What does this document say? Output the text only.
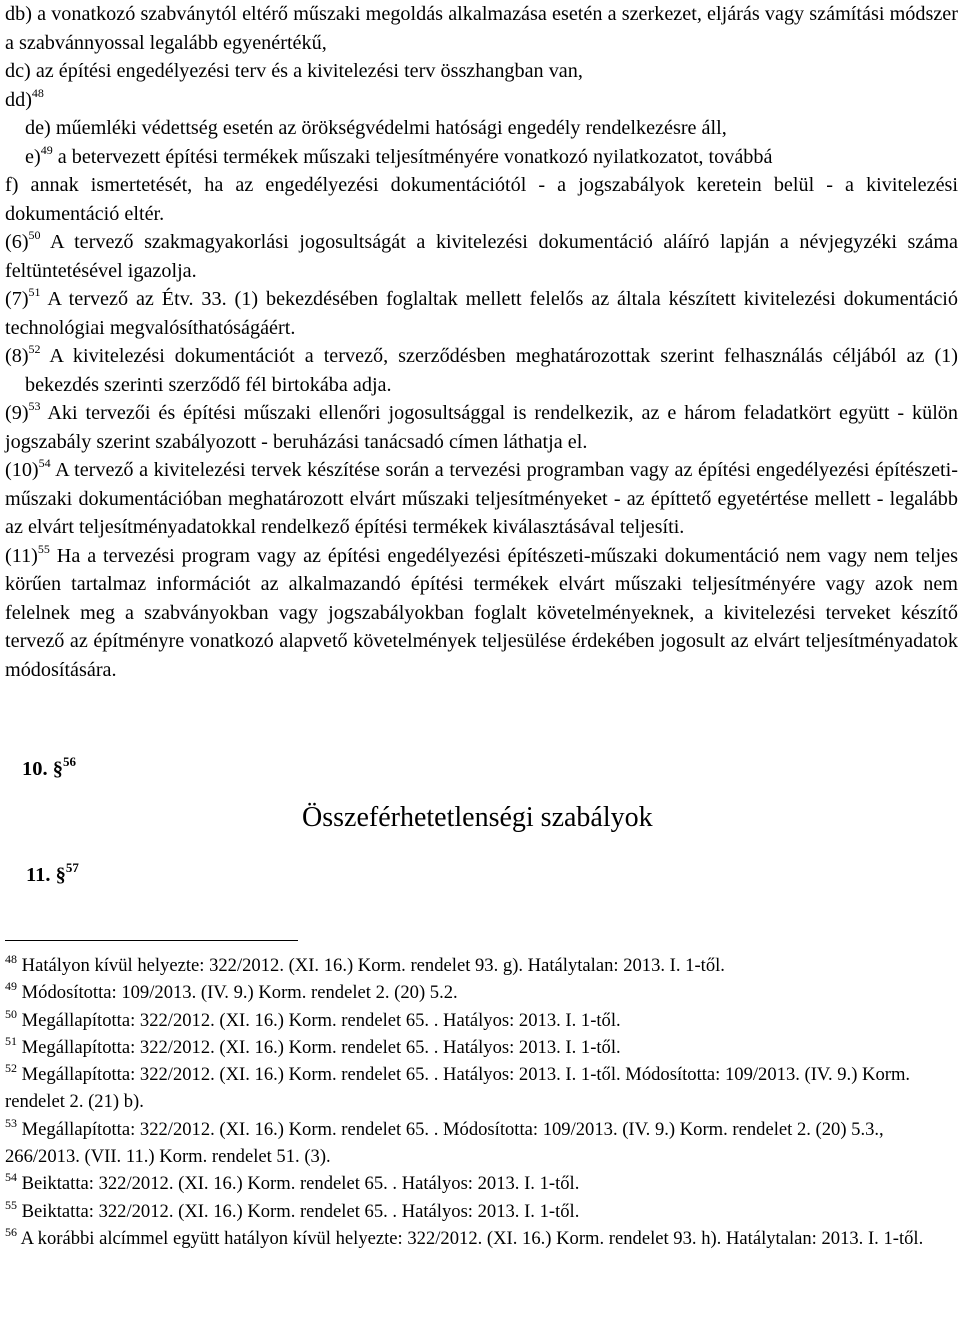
db) a vonatkozó szabványtól eltérő műszaki megoldás alkalmazása esetén a szerkezet, eljárás vagy számítási módszer a szabvánnyossal legalább egyenértékű,

dc) az építési engedélyezési terv és a kivitelezési terv összhangban van,

dd)$^{48}$

de) műemléki védettség esetén az örökségvédelmi hatósági engedély rendelkezésre áll,

e)$^{49}$ a betervezett építési termékek műszaki teljesítményére vonatkozó nyilatkozatot, továbbá

f) annak ismertetését, ha az engedélyezési dokumentációtól - a jogszabályok keretein belül - a kivitelezési dokumentáció eltér.

$(6)^{50}$ A tervező szakmagyakorlási jogosultságát a kivitelezési dokumentáció aláíró lapján a névjegyzéki száma feltüntetésével igazolja.

$(7)^{51}$ A tervező az Étv. 33. (1) bekezdésében foglaltak mellett felelős az általa készített kivitelezési dokumentáció technológiai megvalósíthatóságáért.

$(8)^{52}$ A kivitelezési dokumentációt a tervező, szerződésben meghatározottak szerint felhasználás céljából az (1) bekezdés szerinti szerződő fél birtokába adja.

$(9)^{53}$ Aki tervezői és építési műszaki ellenőri jogosultsággal is rendelkezik, az e három feladatkört együtt - külön jogszabály szerint szabályozott - beruházási tanácsadó címen láthatja el.

$(10)^{54}$ A tervező a kivitelezési tervek készítése során a tervezési programban vagy az építési engedélyezési építészeti-műszaki dokumentációban meghatározott elvárt műszaki teljesítményeket - az építtető egyetértése mellett - legalább az elvárt teljesítményadatokkal rendelkező építési termékek kiválasztásával teljesíti.

$(11)^{55}$ Ha a tervezési program vagy az építési engedélyezési építészeti-műszaki dokumentáció nem vagy nem teljes körűen tartalmaz információt az alkalmazandó építési termékek elvárt műszaki teljesítményére vagy azok nem felelnek meg a szabványokban vagy jogszabályokban foglalt követelményeknek, a kivitelezési terveket készítő tervező az építményre vonatkozó alapvető követelmények teljesülése érdekében jogosult az elvárt teljesítményadatok módosítására.

10. §$^{56}$
Összeférhetetlenségi szabályok
11. §$^{57}$

$^{48}$ Hatályon kívül helyezte: 322/2012. (XI. 16.) Korm. rendelet 93. g). Hatálytalan: 2013. I. 1-től.

$^{49}$ Módosította: 109/2013. (IV. 9.) Korm. rendelet 2. (20) 5.2.

$^{50}$ Megállapította: 322/2012. (XI. 16.) Korm. rendelet 65. . Hatályos: 2013. I. 1-től.

$^{51}$ Megállapította: 322/2012. (XI. 16.) Korm. rendelet 65. . Hatályos: 2013. I. 1-től.

$^{52}$ Megállapította: 322/2012. (XI. 16.) Korm. rendelet 65. . Hatályos: 2013. I. 1-től. Módosította: 109/2013. (IV. 9.) Korm. rendelet 2. (21) b).

$^{53}$ Megállapította: 322/2012. (XI. 16.) Korm. rendelet 65. . Módosította: 109/2013. (IV. 9.) Korm. rendelet 2. (20) 5.3., 266/2013. (VII. 11.) Korm. rendelet 51. (3).

$^{54}$ Beiktatta: 322/2012. (XI. 16.) Korm. rendelet 65. . Hatályos: 2013. I. 1-től.

$^{55}$ Beiktatta: 322/2012. (XI. 16.) Korm. rendelet 65. . Hatályos: 2013. I. 1-től.

$^{56}$ A korábbi alcímmel együtt hatályon kívül helyezte: 322/2012. (XI. 16.) Korm. rendelet 93. h). Hatálytalan: 2013. I. 1-től.
